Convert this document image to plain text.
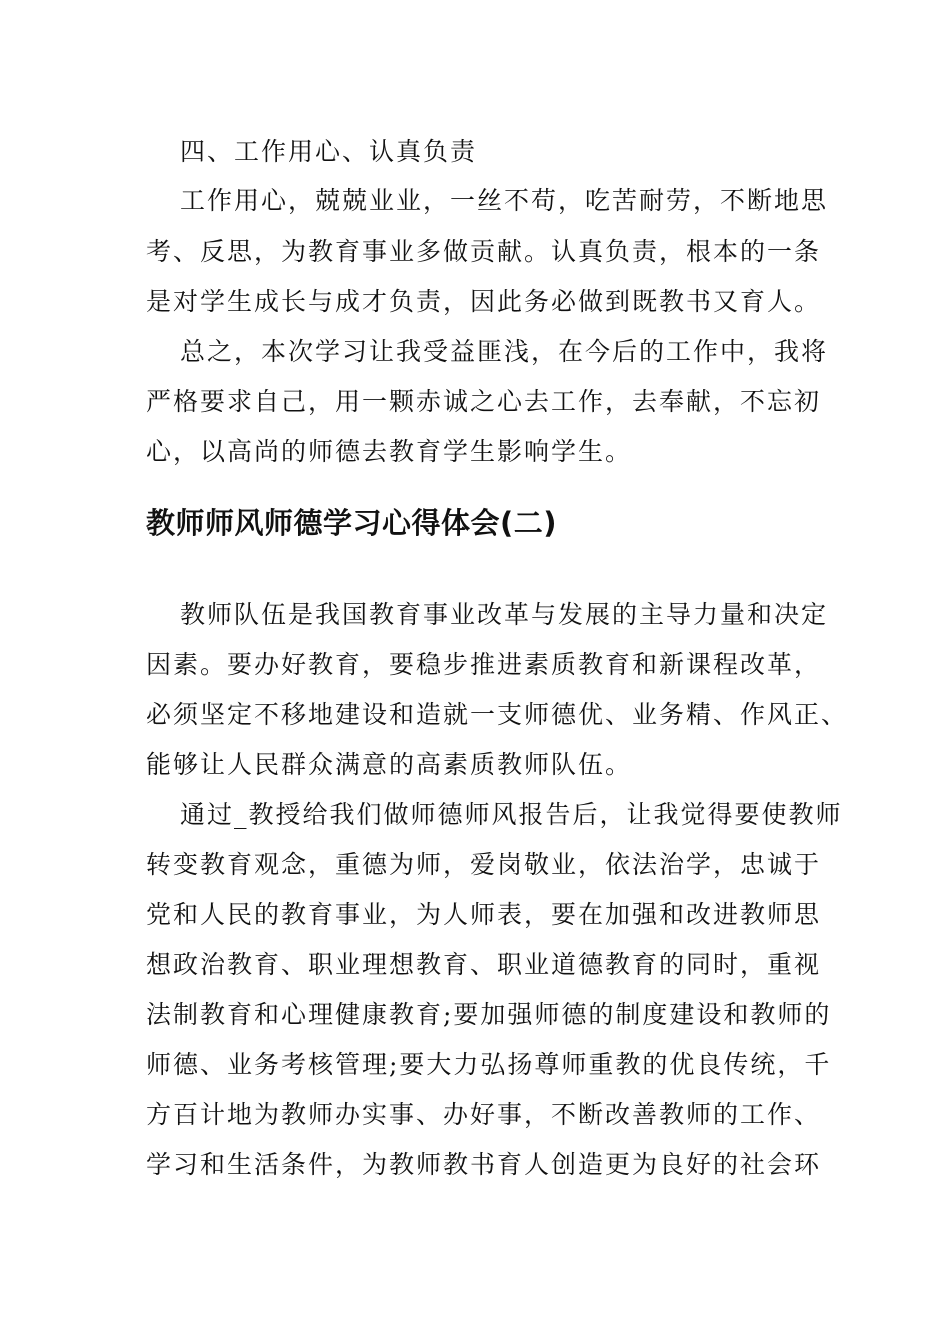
四、工作用心、认真负责
工作用心，兢兢业业，一丝不苟，吃苦耐劳，不断地思
考、反思，为教育事业多做贡献。认真负责，根本的一条
是对学生成长与成才负责，因此务必做到既教书又育人。
总之，本次学习让我受益匪浅，在今后的工作中，我将
严格要求自己，用一颗赤诚之心去工作，去奉献，不忘初
心，以高尚的师德去教育学生影响学生。
教师师风师德学习心得体会(二)
教师队伍是我国教育事业改革与发展的主导力量和决定
因素。要办好教育，要稳步推进素质教育和新课程改革，
必须坚定不移地建设和造就一支师德优、业务精、作风正、
能够让人民群众满意的高素质教师队伍。
通过_教授给我们做师德师风报告后，让我觉得要使教师
转变教育观念，重德为师，爱岗敬业，依法治学，忠诚于
党和人民的教育事业，为人师表，要在加强和改进教师思
想政治教育、职业理想教育、职业道德教育的同时，重视
法制教育和心理健康教育;要加强师德的制度建设和教师的
师德、业务考核管理;要大力弘扬尊师重教的优良传统，千
方百计地为教师办实事、办好事，不断改善教师的工作、
学习和生活条件，为教师教书育人创造更为良好的社会环
